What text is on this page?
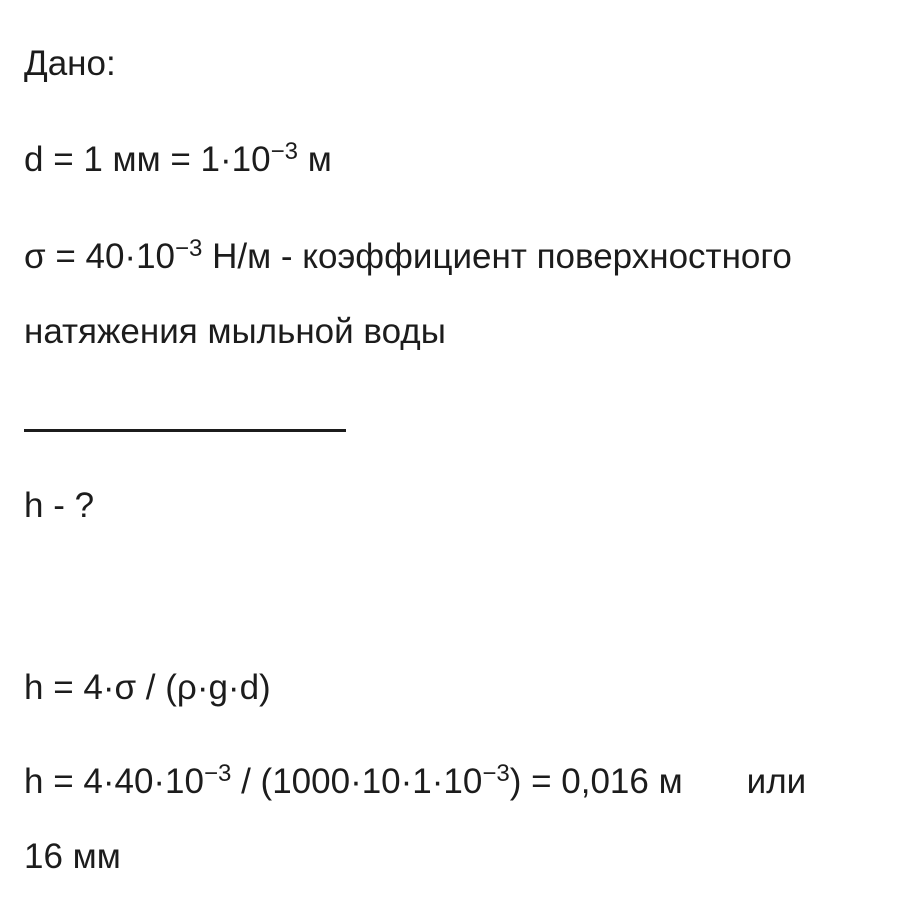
Дано:
d = 1 мм = $1\cdot 10^{-3}$ м
$\sigma = 40\cdot 10^{-3}$ Н/м - коэффициент поверхностного
натяжения мыльной воды
h - ?
h = 4·σ / (ρ·g·d)
$h = 4\cdot 40\cdot 10^{-3} / (1000\cdot 10\cdot 1\cdot 10^{-3}) = 0,016$ м или
16 мм
